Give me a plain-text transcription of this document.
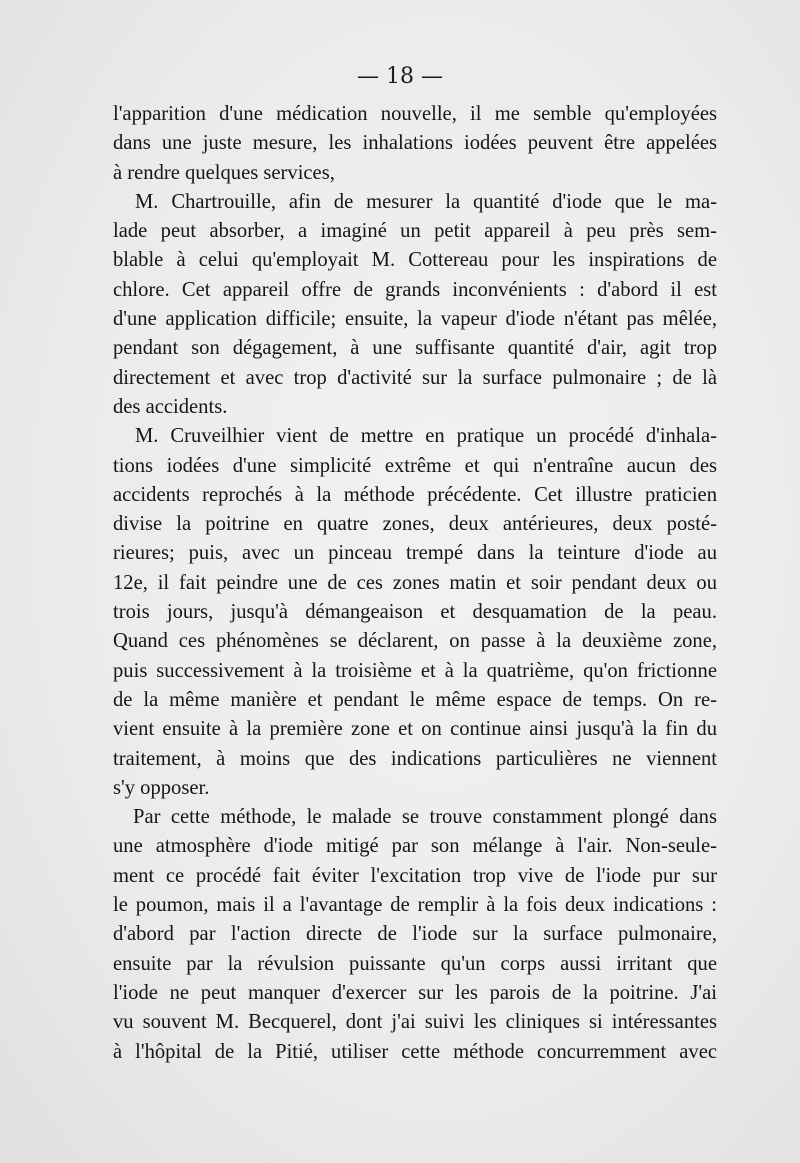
— 18 —
l'apparition d'une médication nouvelle, il me semble qu'employées
dans une juste mesure, les inhalations iodées peuvent être appelées
à rendre quelques services,
M. Chartrouille, afin de mesurer la quantité d'iode que le ma-
lade peut absorber, a imaginé un petit appareil à peu près sem-
blable à celui qu'employait M. Cottereau pour les inspirations de
chlore. Cet appareil offre de grands inconvénients : d'abord il est
d'une application difficile; ensuite, la vapeur d'iode n'étant pas mêlée,
pendant son dégagement, à une suffisante quantité d'air, agit trop
directement et avec trop d'activité sur la surface pulmonaire ; de là
des accidents.
M. Cruveilhier vient de mettre en pratique un procédé d'inhala-
tions iodées d'une simplicité extrême et qui n'entraîne aucun des
accidents reprochés à la méthode précédente. Cet illustre praticien
divise la poitrine en quatre zones, deux antérieures, deux posté-
rieures; puis, avec un pinceau trempé dans la teinture d'iode au
12e, il fait peindre une de ces zones matin et soir pendant deux ou
trois jours, jusqu'à démangeaison et desquamation de la peau.
Quand ces phénomènes se déclarent, on passe à la deuxième zone,
puis successivement à la troisième et à la quatrième, qu'on frictionne
de la même manière et pendant le même espace de temps. On re-
vient ensuite à la première zone et on continue ainsi jusqu'à la fin du
traitement, à moins que des indications particulières ne viennent
s'y opposer.
Par cette méthode, le malade se trouve constamment plongé dans
une atmosphère d'iode mitigé par son mélange à l'air. Non-seule-
ment ce procédé fait éviter l'excitation trop vive de l'iode pur sur
le poumon, mais il a l'avantage de remplir à la fois deux indications :
d'abord par l'action directe de l'iode sur la surface pulmonaire,
ensuite par la révulsion puissante qu'un corps aussi irritant que
l'iode ne peut manquer d'exercer sur les parois de la poitrine. J'ai
vu souvent M. Becquerel, dont j'ai suivi les cliniques si intéressantes
à l'hôpital de la Pitié, utiliser cette méthode concurremment avec
